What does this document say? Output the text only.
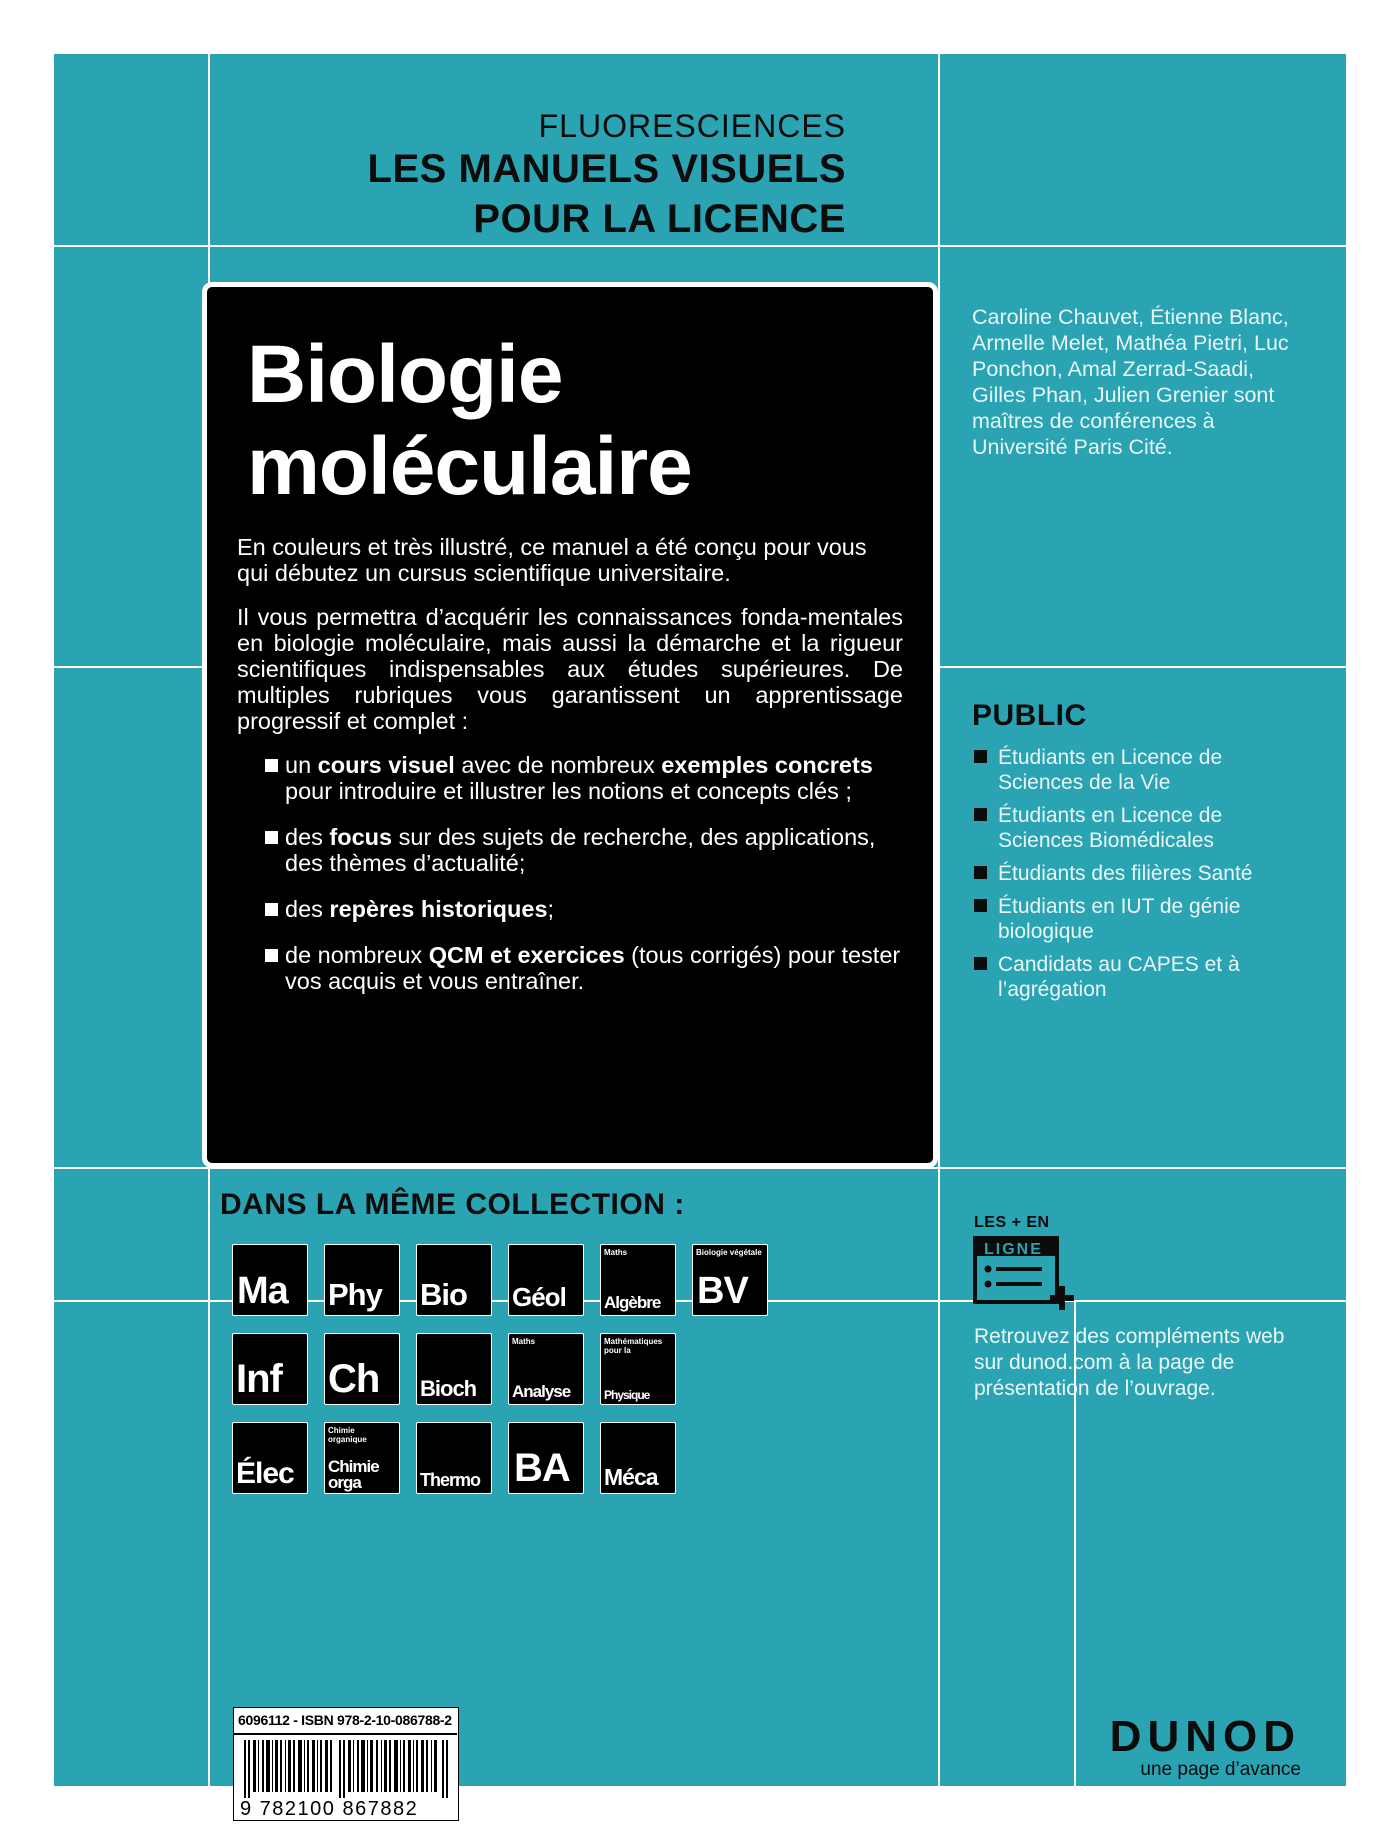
FLUORESCIENCES
LES MANUELS VISUELS
POUR LA LICENCE
Biologie
moléculaire

En couleurs et très illustré, ce manuel a été conçu pour vous qui débutez un cursus scientifique universitaire.

Il vous permettra d’acquérir les connaissances fonda-mentales en biologie moléculaire, mais aussi la démarche et la rigueur scientifiques indispensables aux études supérieures. De multiples rubriques vous garantissent un apprentissage progressif et complet :

un cours visuel avec de nombreux exemples concrets pour introduire et illustrer les notions et concepts clés ;
des focus sur des sujets de recherche, des applications, des thèmes d’actualité;
des repères historiques;
de nombreux QCM et exercices (tous corrigés) pour tester vos acquis et vous entraîner.
Caroline Chauvet, Étienne Blanc, Armelle Melet, Mathéa Pietri, Luc Ponchon, Amal Zerrad-Saadi, Gilles Phan, Julien Grenier sont maîtres de conférences à Université Paris Cité.
PUBLIC
Étudiants en Licence de Sciences de la Vie
Étudiants en Licence de Sciences Biomédicales
Étudiants des filières Santé
Étudiants en IUT de génie biologique
Candidats au CAPES et à l’agrégation
DANS LA MÊME COLLECTION :
Ma Phy Bio Géol
Maths
Algèbre
Biologie végétale
BV
Inf Ch Bioch
Maths
Analyse
Mathématiques pour la
Physique
Élec
Chimie organique
Chimie orga	Thermo BA Méca
LES + EN
LIGNE
Retrouvez des compléments web sur dunod.com à la page de présentation de l’ouvrage.
6096112 - ISBN 978-2-10-086788-2
9 782100 867882
DUNOD
une page d’avance
